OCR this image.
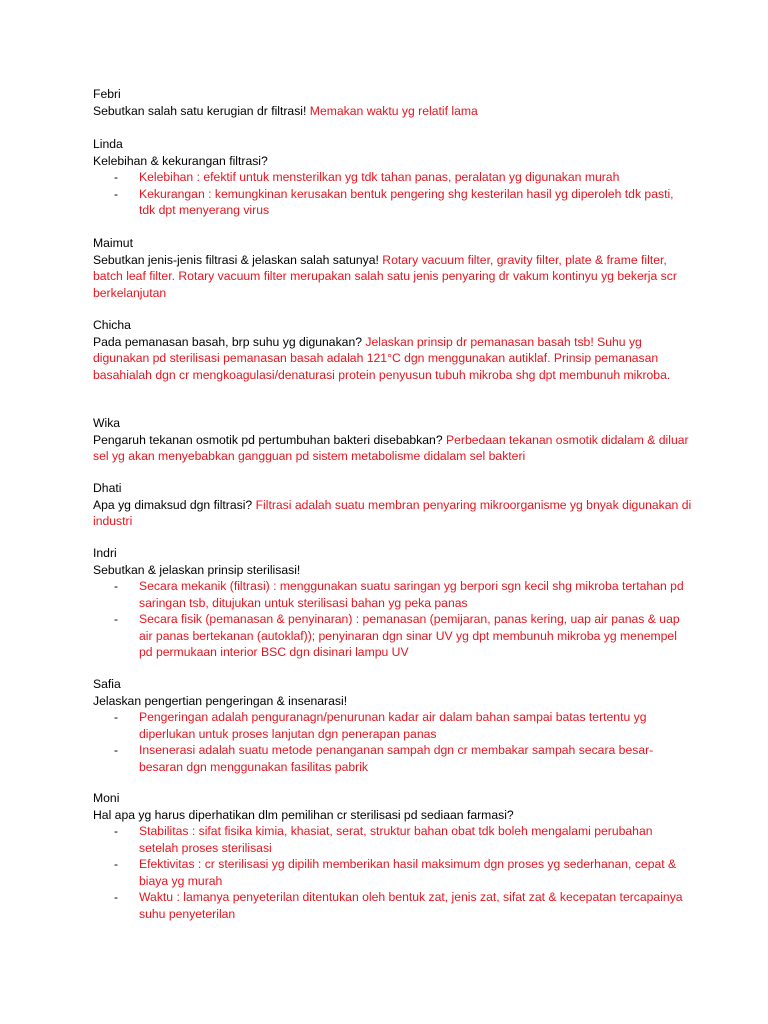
Febri
Sebutkan salah satu kerugian dr filtrasi! Memakan waktu yg relatif lama
Linda
Kelebihan & kekurangan filtrasi?
- Kelebihan : efektif untuk mensterilkan yg tdk tahan panas, peralatan yg digunakan murah
- Kekurangan : kemungkinan kerusakan bentuk pengering shg kesterilan hasil yg diperoleh tdk pasti, tdk dpt menyerang virus
Maimut
Sebutkan jenis-jenis filtrasi & jelaskan salah satunya! Rotary vacuum filter, gravity filter, plate & frame filter, batch leaf filter. Rotary vacuum filter merupakan salah satu jenis penyaring dr vakum kontinyu yg bekerja scr berkelanjutan
Chicha
Pada pemanasan basah, brp suhu yg digunakan? Jelaskan prinsip dr pemanasan basah tsb! Suhu yg digunakan pd sterilisasi pemanasan basah adalah 121°C dgn menggunakan autiklaf. Prinsip pemanasan basahialah dgn cr mengkoagulasi/denaturasi protein penyusun tubuh mikroba shg dpt membunuh mikroba.
Wika
Pengaruh tekanan osmotik pd pertumbuhan bakteri disebabkan? Perbedaan tekanan osmotik didalam & diluar sel yg akan menyebabkan gangguan pd sistem metabolisme didalam sel bakteri
Dhati
Apa yg dimaksud dgn filtrasi? Filtrasi adalah suatu membran penyaring mikroorganisme yg bnyak digunakan di industri
Indri
Sebutkan & jelaskan prinsip sterilisasi!
- Secara mekanik (filtrasi) : menggunakan suatu saringan yg berpori sgn kecil shg mikroba tertahan pd saringan tsb, ditujukan untuk sterilisasi bahan yg peka panas
- Secara fisik (pemanasan & penyinaran) : pemanasan (pemijaran, panas kering, uap air panas & uap air panas bertekanan (autoklaf)); penyinaran dgn sinar UV yg dpt membunuh mikroba yg menempel pd permukaan interior BSC dgn disinari lampu UV
Safia
Jelaskan pengertian pengeringan & insenarasi!
- Pengeringan adalah penguranagn/penurunan kadar air dalam bahan sampai batas tertentu yg diperlukan untuk proses lanjutan dgn penerapan panas
- Insenerasi adalah suatu metode penanganan sampah dgn cr membakar sampah secara besar-besaran dgn menggunakan fasilitas pabrik
Moni
Hal apa yg harus diperhatikan dlm pemilihan cr sterilisasi pd sediaan farmasi?
- Stabilitas : sifat fisika kimia, khasiat, serat, struktur bahan obat tdk boleh mengalami perubahan setelah proses sterilisasi
- Efektivitas : cr sterilisasi yg dipilih memberikan hasil maksimum dgn proses yg sederhanan, cepat & biaya yg murah
- Waktu : lamanya penyeterilan ditentukan oleh bentuk zat, jenis zat, sifat zat & kecepatan tercapainya suhu penyeterilan
